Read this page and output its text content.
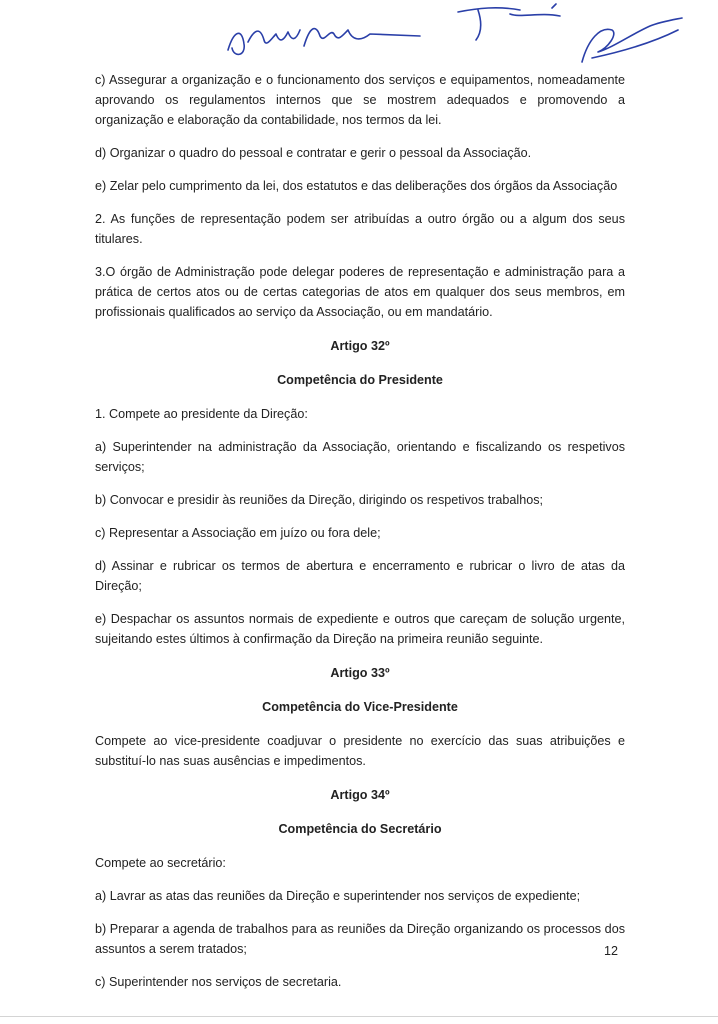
c) Assegurar a organização e o funcionamento dos serviços e equipamentos, nomeadamente aprovando os regulamentos internos que se mostrem adequados e promovendo a organização e elaboração da contabilidade, nos termos da lei.

d) Organizar o quadro do pessoal e contratar e gerir o pessoal da Associação.

e) Zelar pelo cumprimento da lei, dos estatutos e das deliberações dos órgãos da Associação

2. As funções de representação podem ser atribuídas a outro órgão ou a algum dos seus titulares.

3.O órgão de Administração pode delegar poderes de representação e administração para a prática de certos atos ou de certas categorias de atos em qualquer dos seus membros, em profissionais qualificados ao serviço da Associação, ou em mandatário.

Artigo 32º

Competência do Presidente

1. Compete ao presidente da Direção:

a) Superintender na administração da Associação, orientando e fiscalizando os respetivos serviços;

b) Convocar e presidir às reuniões da Direção, dirigindo os respetivos trabalhos;

c) Representar a Associação em juízo ou fora dele;

d) Assinar e rubricar os termos de abertura e encerramento e rubricar o livro de atas da Direção;

e) Despachar os assuntos normais de expediente e outros que careçam de solução urgente, sujeitando estes últimos à confirmação da Direção na primeira reunião seguinte.

Artigo 33º

Competência do Vice-Presidente

Compete ao vice-presidente coadjuvar o presidente no exercício das suas atribuições e substituí-lo nas suas ausências e impedimentos.

Artigo 34º

Competência do Secretário

Compete ao secretário:

a) Lavrar as atas das reuniões da Direção e superintender nos serviços de expediente;

b) Preparar a agenda de trabalhos para as reuniões da Direção organizando os processos dos assuntos a serem tratados;

c) Superintender nos serviços de secretaria.

12
